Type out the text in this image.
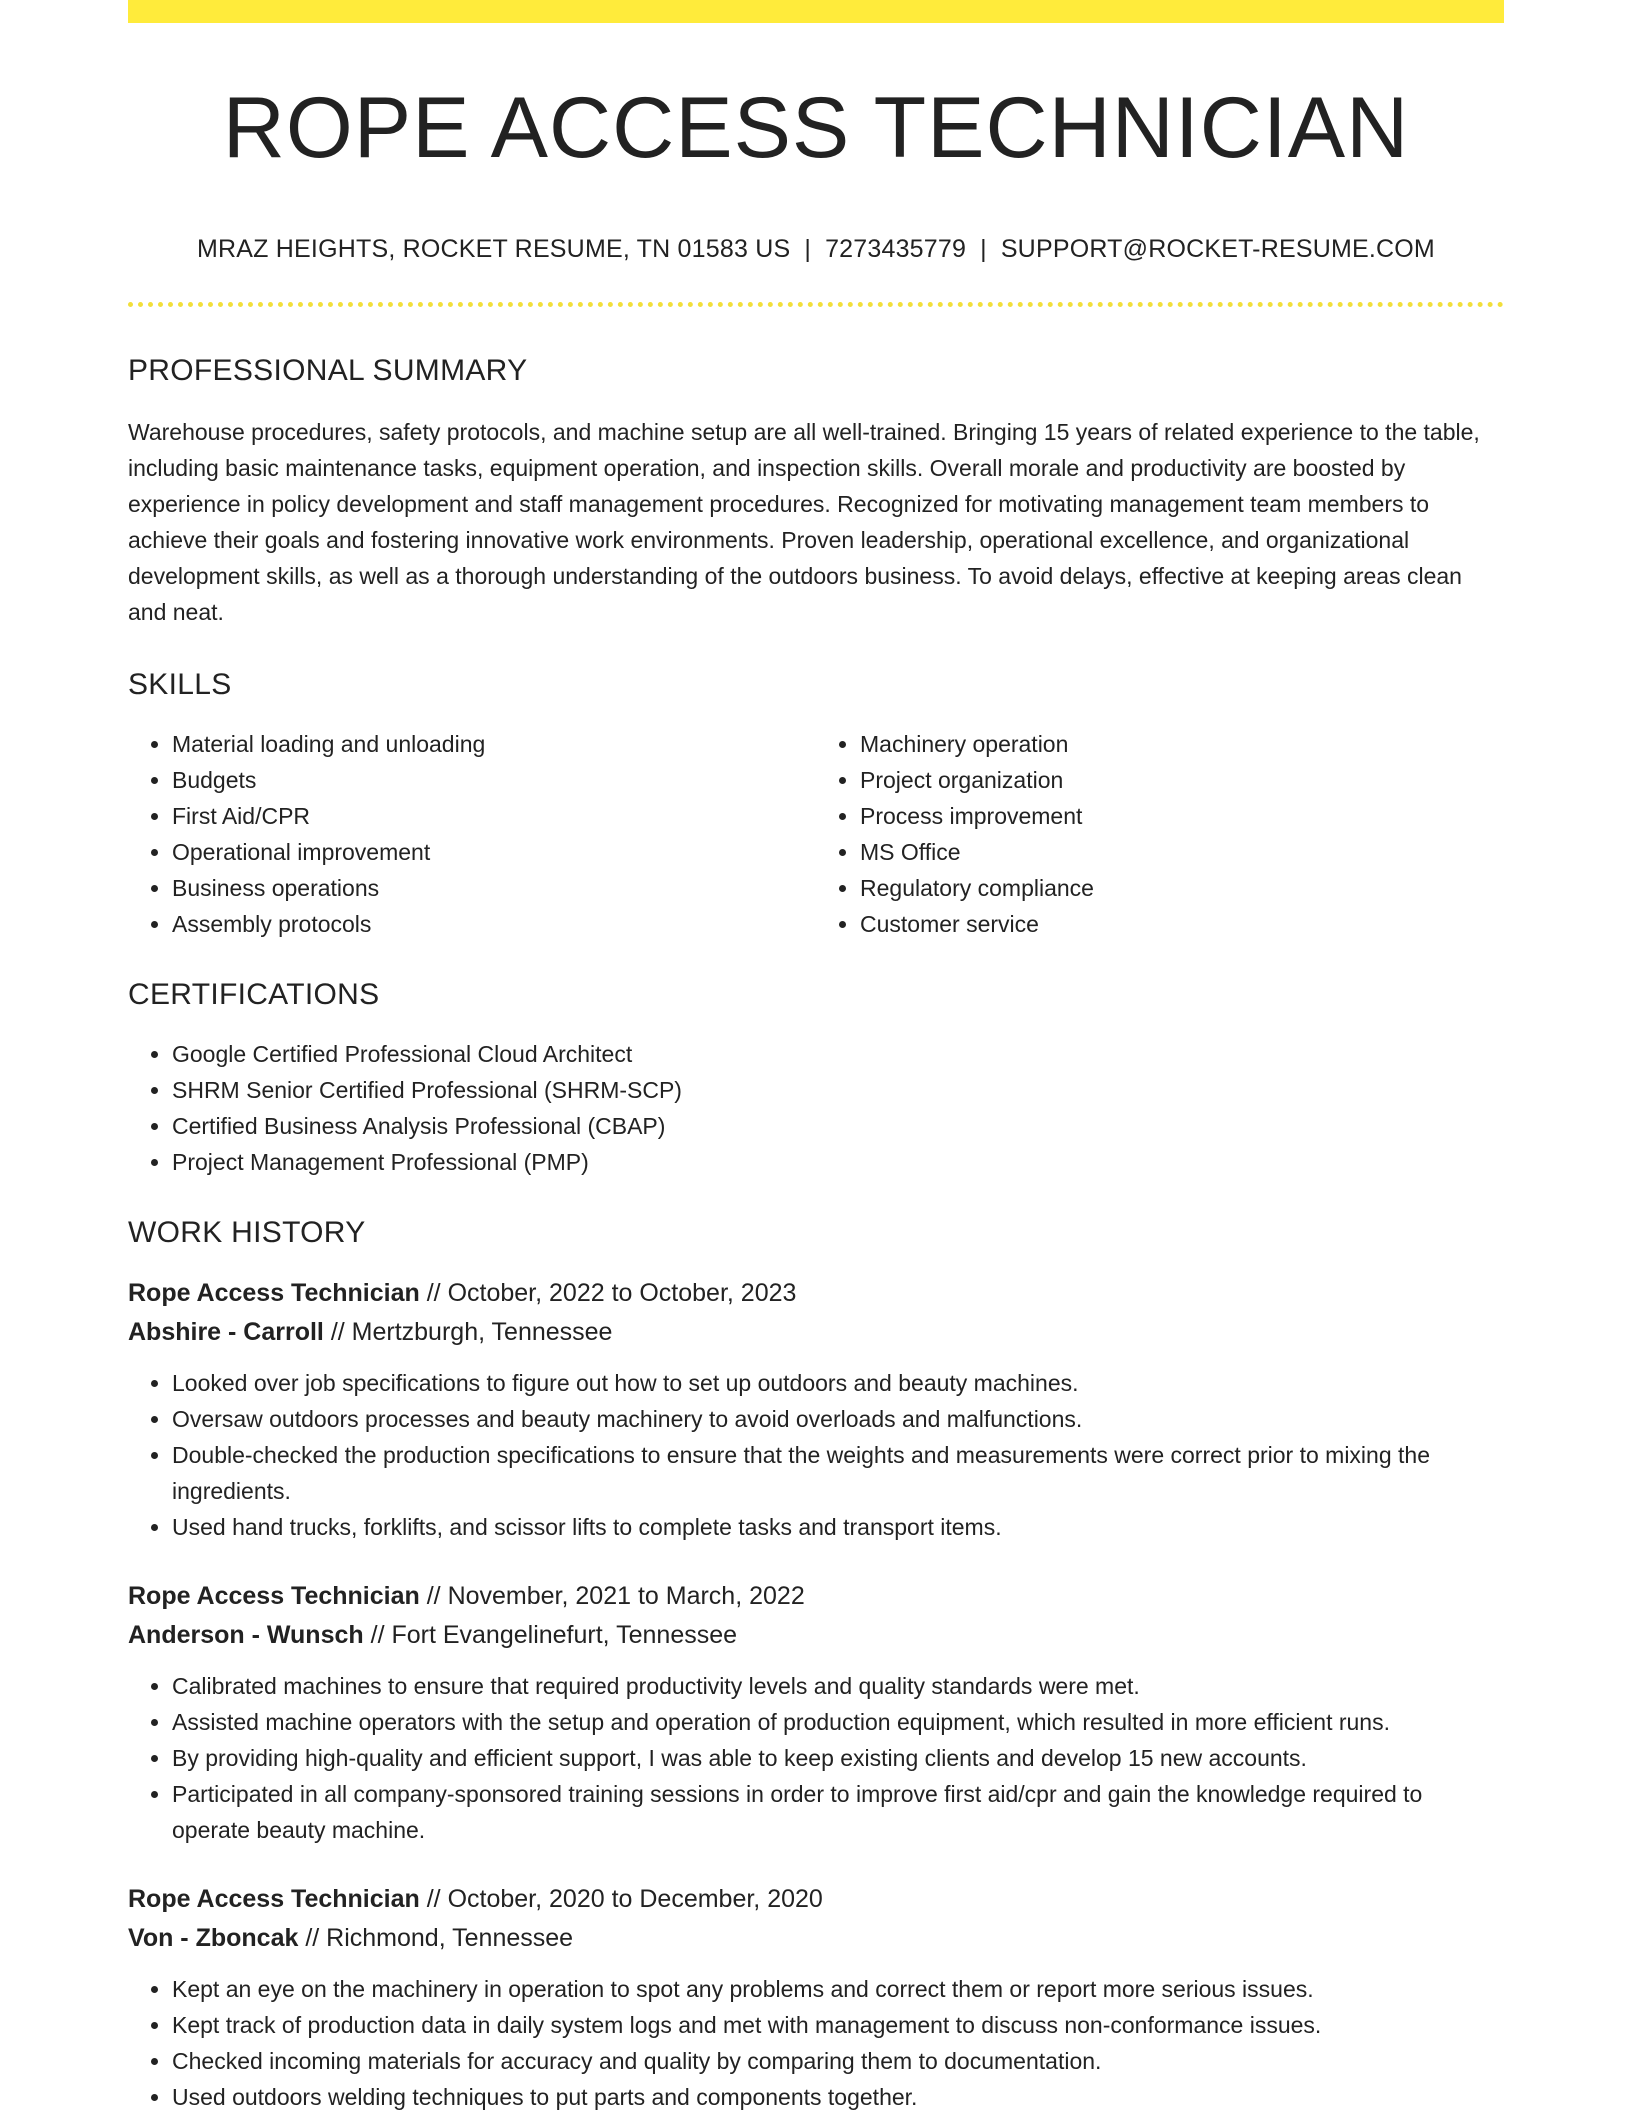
ROPE ACCESS TECHNICIAN
MRAZ HEIGHTS, ROCKET RESUME, TN 01583 US | 7273435779 | SUPPORT@ROCKET-RESUME.COM
PROFESSIONAL SUMMARY
Warehouse procedures, safety protocols, and machine setup are all well-trained. Bringing 15 years of related experience to the table, including basic maintenance tasks, equipment operation, and inspection skills. Overall morale and productivity are boosted by experience in policy development and staff management procedures. Recognized for motivating management team members to achieve their goals and fostering innovative work environments. Proven leadership, operational excellence, and organizational development skills, as well as a thorough understanding of the outdoors business. To avoid delays, effective at keeping areas clean and neat.
SKILLS
• Material loading and unloading
• Budgets
• First Aid/CPR
• Operational improvement
• Business operations
• Assembly protocols
• Machinery operation
• Project organization
• Process improvement
• MS Office
• Regulatory compliance
• Customer service
CERTIFICATIONS
• Google Certified Professional Cloud Architect
• SHRM Senior Certified Professional (SHRM-SCP)
• Certified Business Analysis Professional (CBAP)
• Project Management Professional (PMP)
WORK HISTORY
Rope Access Technician // October, 2022 to October, 2023
Abshire - Carroll // Mertzburgh, Tennessee
• Looked over job specifications to figure out how to set up outdoors and beauty machines.
• Oversaw outdoors processes and beauty machinery to avoid overloads and malfunctions.
• Double-checked the production specifications to ensure that the weights and measurements were correct prior to mixing the ingredients.
• Used hand trucks, forklifts, and scissor lifts to complete tasks and transport items.
Rope Access Technician // November, 2021 to March, 2022
Anderson - Wunsch // Fort Evangelinefurt, Tennessee
• Calibrated machines to ensure that required productivity levels and quality standards were met.
• Assisted machine operators with the setup and operation of production equipment, which resulted in more efficient runs.
• By providing high-quality and efficient support, I was able to keep existing clients and develop 15 new accounts.
• Participated in all company-sponsored training sessions in order to improve first aid/cpr and gain the knowledge required to operate beauty machine.
Rope Access Technician // October, 2020 to December, 2020
Von - Zboncak // Richmond, Tennessee
• Kept an eye on the machinery in operation to spot any problems and correct them or report more serious issues.
• Kept track of production data in daily system logs and met with management to discuss non-conformance issues.
• Checked incoming materials for accuracy and quality by comparing them to documentation.
• Used outdoors welding techniques to put parts and components together.
